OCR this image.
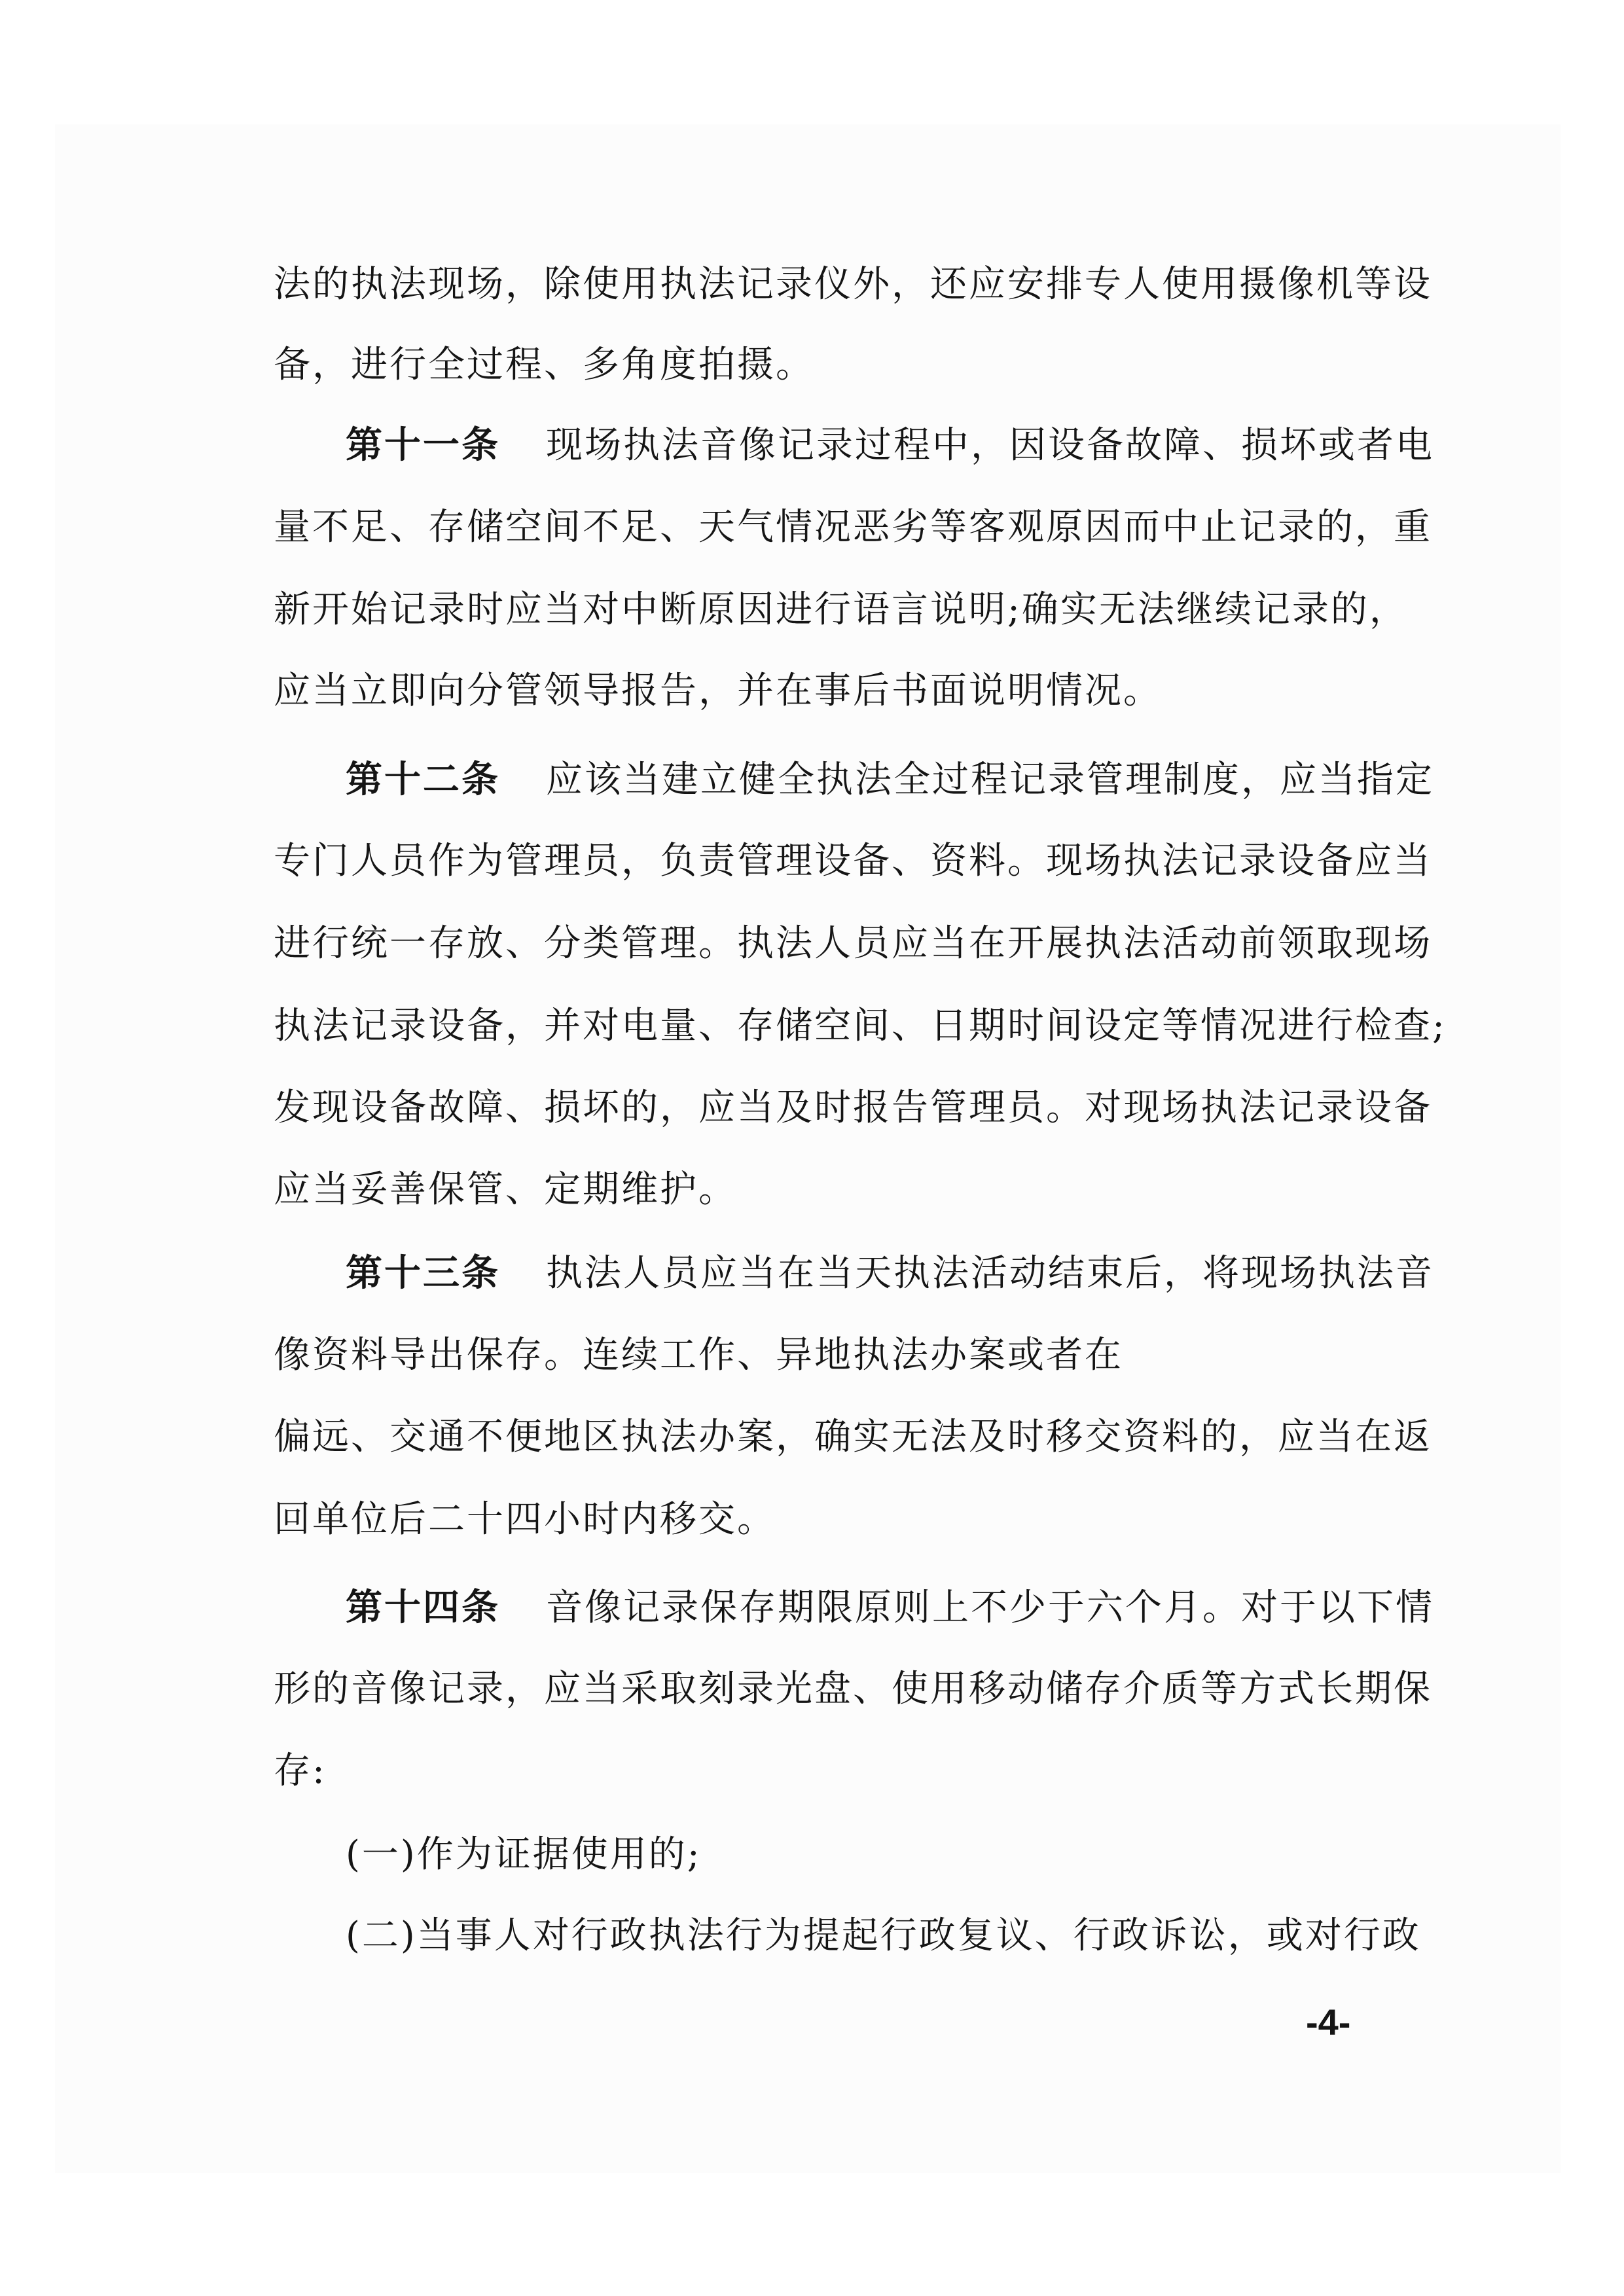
法的执法现场，除使用执法记录仪外，还应安排专人使用摄像机等设
备，进行全过程、多角度拍摄。
第十一条 现场执法音像记录过程中，因设备故障、损坏或者电
量不足、存储空间不足、天气情况恶劣等客观原因而中止记录的，重
新开始记录时应当对中断原因进行语言说明;确实无法继续记录的，
应当立即向分管领导报告，并在事后书面说明情况。
第十二条 应该当建立健全执法全过程记录管理制度，应当指定
专门人员作为管理员，负责管理设备、资料。现场执法记录设备应当
进行统一存放、分类管理。执法人员应当在开展执法活动前领取现场
执法记录设备，并对电量、存储空间、日期时间设定等情况进行检查;
发现设备故障、损坏的，应当及时报告管理员。对现场执法记录设备
应当妥善保管、定期维护。
第十三条 执法人员应当在当天执法活动结束后，将现场执法音
像资料导出保存。连续工作、异地执法办案或者在
偏远、交通不便地区执法办案，确实无法及时移交资料的，应当在返
回单位后二十四小时内移交。
第十四条 音像记录保存期限原则上不少于六个月。对于以下情
形的音像记录，应当采取刻录光盘、使用移动储存介质等方式长期保
存:
(一)作为证据使用的;
(二)当事人对行政执法行为提起行政复议、行政诉讼，或对行政
-4-
